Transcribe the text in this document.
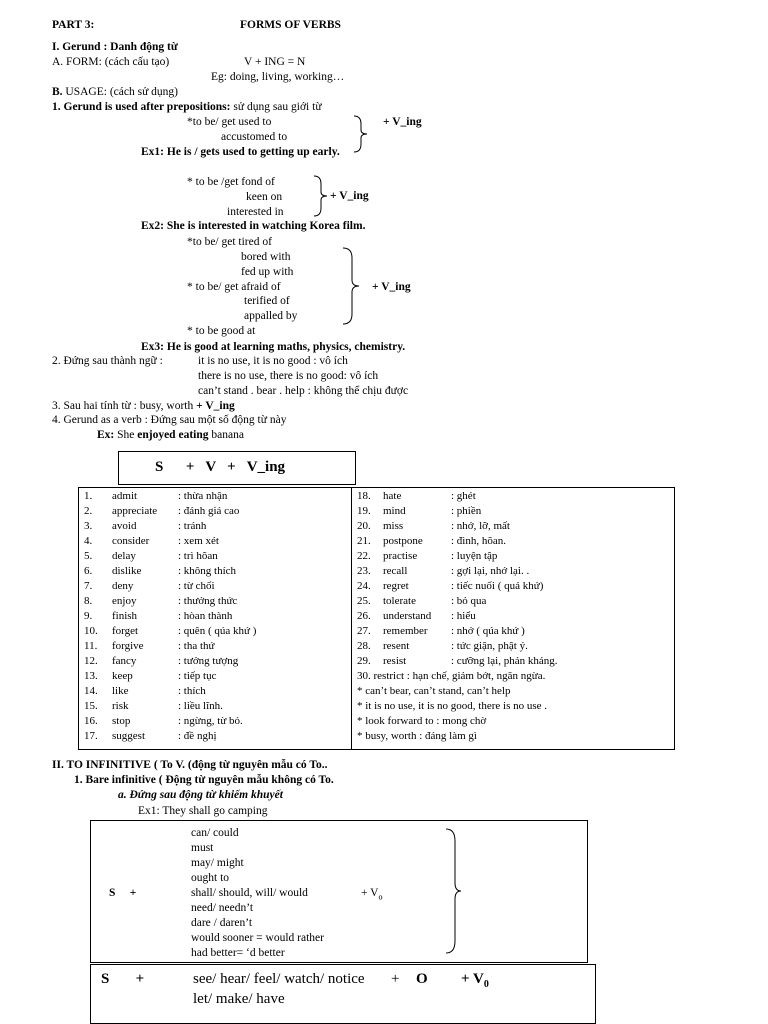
PART 3:	FORMS OF VERBS
I. Gerund : Danh động từ
A. FORM: (cách cấu tạo)	V + ING = N
Eg: doing, living, working…
B. USAGE: (cách sử dụng)
1. Gerund is used after prepositions: sử dụng sau giới từ
*to be/ get used to
accustomed to
+ V_ing
Ex1: He is / gets used to getting up early.
* to be /get fond of
keen on
interested in
+ V_ing
Ex2: She is interested in watching Korea film.
*to be/ get tired of
bored with
fed up with
* to be/ get afraid of
terified of
appalled by
+ V_ing
* to be good at
Ex3: He is good at learning maths, physics, chemistry.
2. Đứng sau thành ngữ :	it is no use, it is no good : vô ích
there is no use, there is no good: vô ích
can’t stand . bear . help : không thể chịu được
3. Sau hai tính từ : busy, worth + V_ing
4. Gerund as a verb : Đứng sau một số động từ này
Ex: She enjoyed eating banana
S      +   V   +   V_ing
1. admit	: thừa nhận
2. appreciate : đánh giá cao
3. avoid	: tránh
4. consider	: xem xét
5. delay	: trì hõan
6. dislike	: không thích
7. deny	: từ chối
8. enjoy	: thưởng thức
9. finish	: hòan thành
10. forget	: quên ( qúa khứ )
11. forgive	: tha thứ
12. fancy	: tưởng tượng
13. keep	: tiếp tục
14. like	: thích
15. risk	: liều lĩnh.
16. stop	: ngừng, từ bỏ.
17. suggest	: đề nghị
18. hate	: ghét
19. mind	: phiền
20. miss	: nhớ, lỡ, mất
21. postpone	: đình, hõan.
22. practise	: luyện tập
23. recall	: gợi lại, nhớ lại. .
24. regret	: tiếc nuối ( quá khứ)
25. tolerate	: bỏ qua
26. understand : hiểu
27. remember : nhớ ( qúa khứ )
28. resent	: tức giận, phật ý.
29. resist	: cưỡng lại, phản kháng.
30. restrict : hạn chế, giảm bớt, ngăn ngừa.
* can’t bear, can’t stand, can’t help
* it is no use, it is no good, there is no use .
* look forward to : mong chờ
* busy, worth : đáng làm gì
II. TO INFINITIVE ( To V. (động từ nguyên mẫu có To..
1. Bare infinitive ( Động từ nguyên mẫu không có To.
a. Đứng sau động từ khiếm khuyết
Ex1: They shall go camping
S     +
can/ could
must
may/ might
ought to
shall/ should, will/ would
need/ needn’t
dare / daren’t
would sooner = would rather
had better= ‘d better
+ $V_o$
S       +	see/ hear/ feel/ watch/ notice + $O + V_0$
let/ make/ have
